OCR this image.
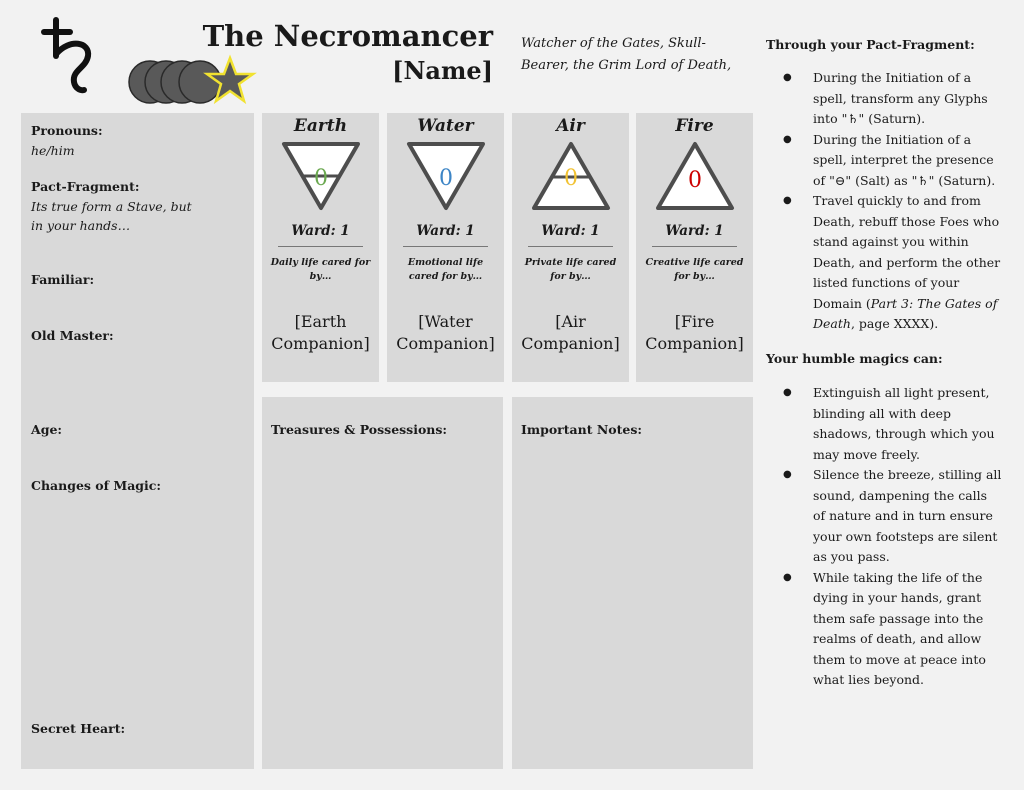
The Necromancer
[Name]
Watcher of the Gates, Skull-Bearer, the Grim Lord of Death,
Pronouns:
he/him
Pact-Fragment:
Its true form a Stave, but in your hands…
Familiar:
Old Master:
Age:
Changes of Magic:
Secret Heart:
Earth
0
Ward: 1
Daily life cared for by…
[Earth Companion]
Water
0
Ward: 1
Emotional life cared for by…
[Water Companion]
Air
0
Ward: 1
Private life cared for by…
[Air Companion]
Fire
0
Ward: 1
Creative life cared for by…
[Fire Companion]
Treasures & Possessions:	Important Notes:
Through your Pact-Fragment:
● During the Initiation of a spell, transform any Glyphs into "♄" (Saturn).
● During the Initiation of a spell, interpret the presence of "⊖" (Salt) as "♄" (Saturn).
● Travel quickly to and from Death, rebuff those Foes who stand against you within Death, and perform the other listed functions of your Domain (Part 3: The Gates of Death, page XXXX).
Your humble magics can:
● Extinguish all light present, blinding all with deep shadows, through which you may move freely.
● Silence the breeze, stilling all sound, dampening the calls of nature and in turn ensure your own footsteps are silent as you pass.
● While taking the life of the dying in your hands, grant them safe passage into the realms of death, and allow them to move at peace into what lies beyond.
